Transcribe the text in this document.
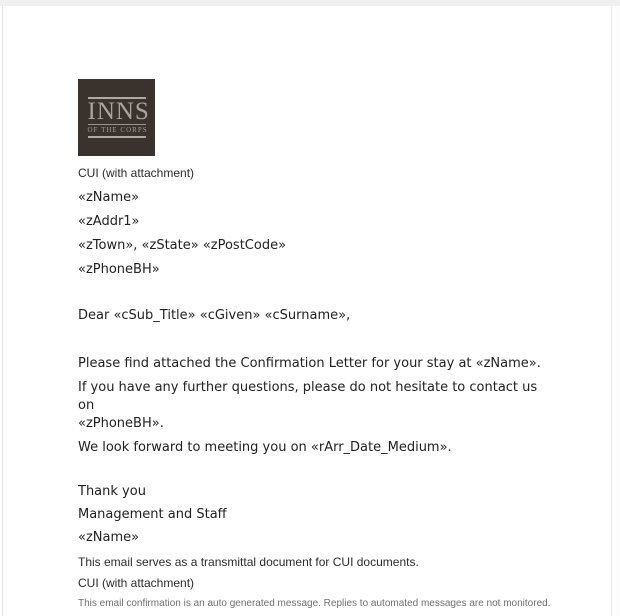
INNS
OF THE CORPS
CUI (with attachment)
«zName»
«zAddr1»
«zTown», «zState» «zPostCode»
«zPhoneBH»
Dear «cSub_Title» «cGiven» «cSurname»,
Please find attached the Confirmation Letter for your stay at «zName».
If you have any further questions, please do not hesitate to contact us on
«zPhoneBH».
We look forward to meeting you on «rArr_Date_Medium».
Thank you
Management and Staff
«zName»
This email serves as a transmittal document for CUI documents.
CUI (with attachment)
This email confirmation is an auto generated message. Replies to automated messages are not monitored.
